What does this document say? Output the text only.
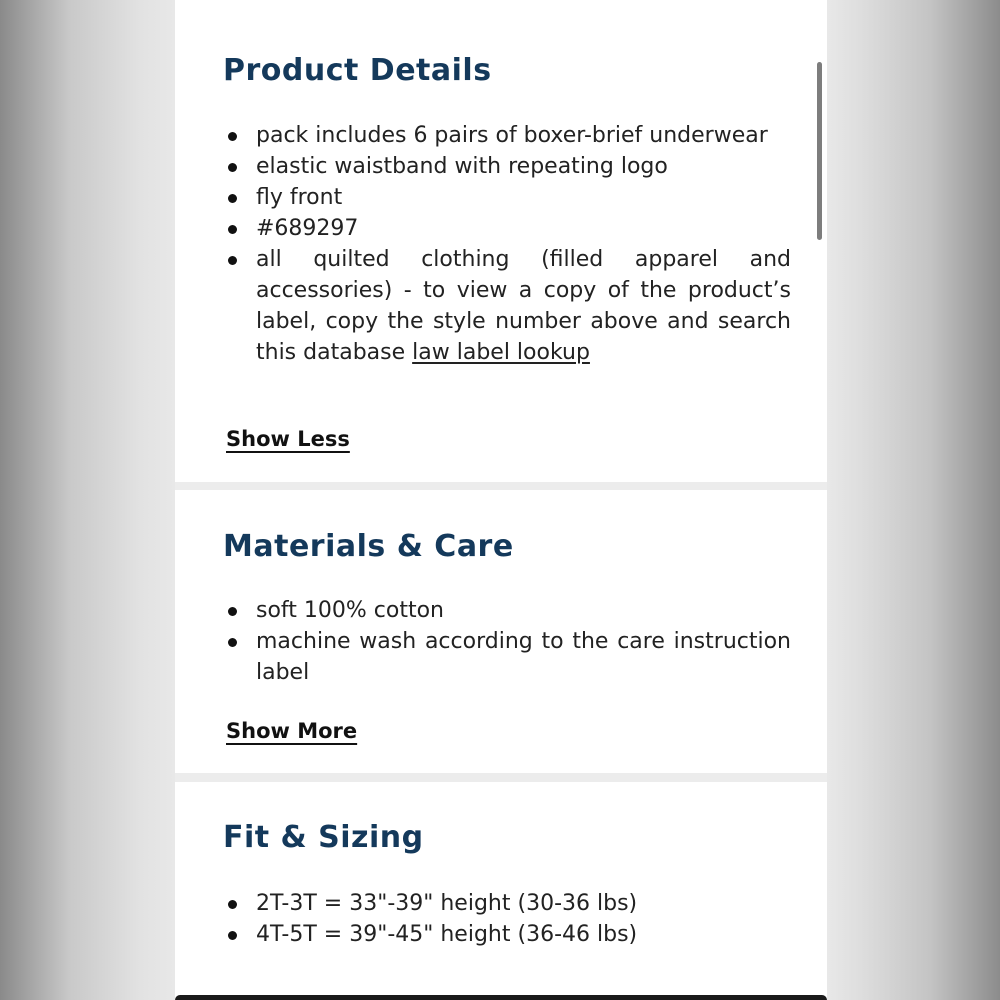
Product Details
pack includes 6 pairs of boxer-brief underwear
elastic waistband with repeating logo
fly front
#689297
all quilted clothing (filled apparel and accessories) - to view a copy of the product’s label, copy the style number above and search this database law label lookup
Show Less
Materials & Care
soft 100% cotton
machine wash according to the care instruction label
Show More
Fit & Sizing
2T-3T = 33"-39" height (30-36 lbs)
4T-5T = 39"-45" height (36-46 lbs)
